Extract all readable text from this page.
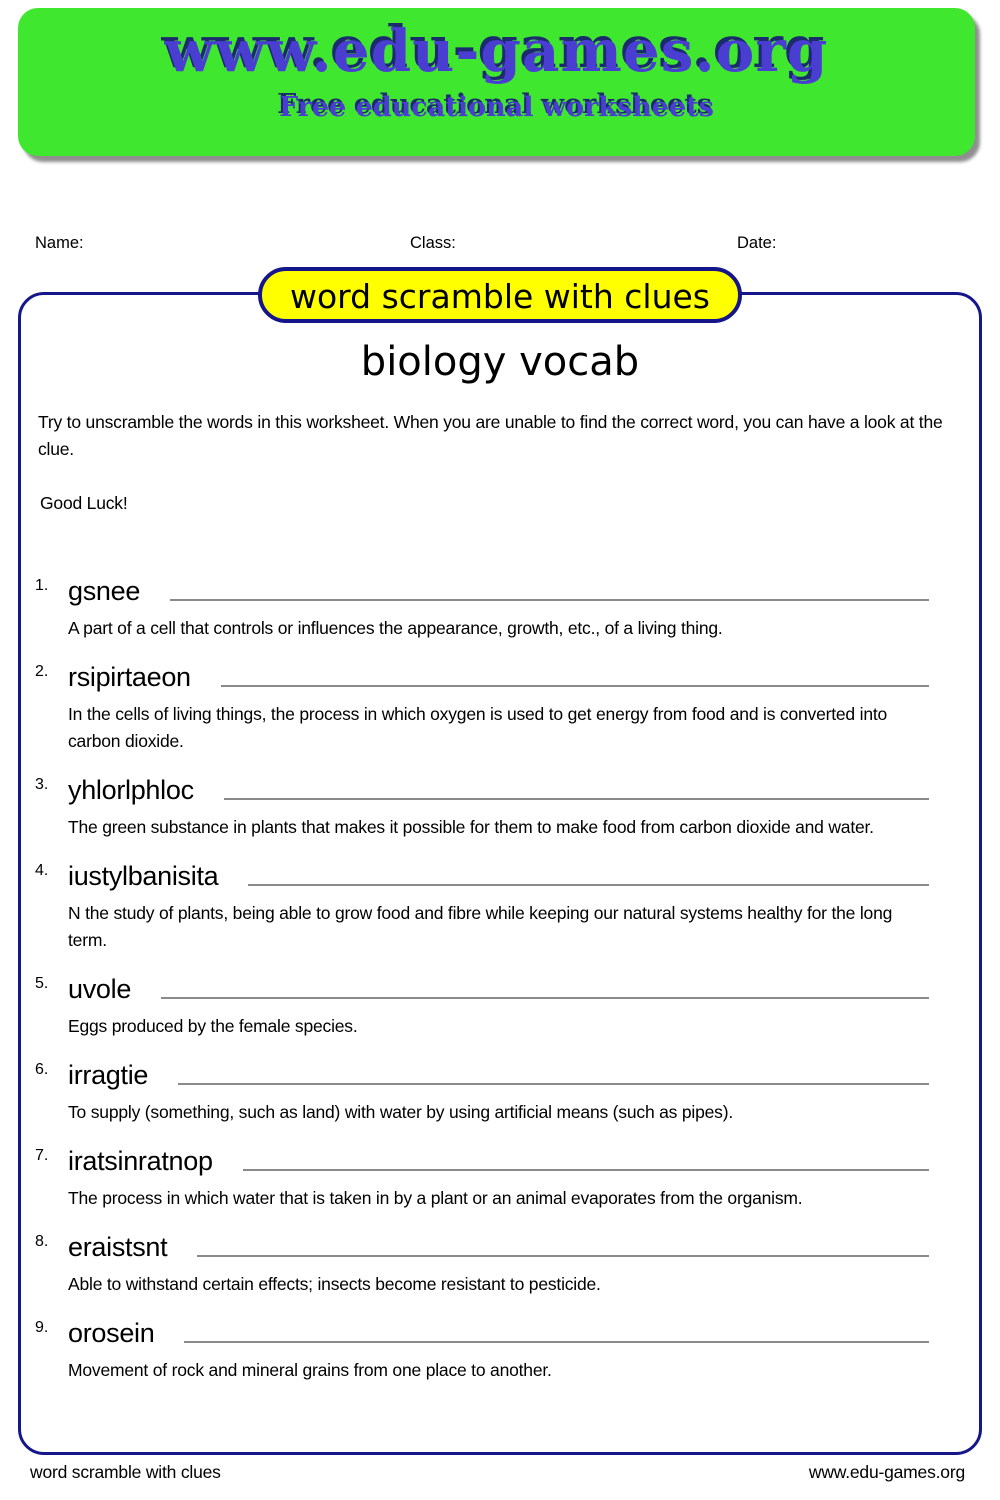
www.edu-games.org
Free educational worksheets
Name:	Class:	Date:
word scramble with clues
biology vocab

Try to unscramble the words in this worksheet. When you are unable to find the correct word, you can have a look at the clue.

Good Luck!

1. gsnee

A part of a cell that controls or influences the appearance, growth, etc., of a living thing.

2. rsipirtaeon

In the cells of living things, the process in which oxygen is used to get energy from food and is converted into carbon dioxide.

3. yhlorlphloc

The green substance in plants that makes it possible for them to make food from carbon dioxide and water.

4. iustylbanisita

N the study of plants, being able to grow food and fibre while keeping our natural systems healthy for the long term.

5. uvole

Eggs produced by the female species.

6. irragtie

To supply (something, such as land) with water by using artificial means (such as pipes).

7. iratsinratnop

The process in which water that is taken in by a plant or an animal evaporates from the organism.

8. eraistsnt

Able to withstand certain effects; insects become resistant to pesticide.

9. orosein

Movement of rock and mineral grains from one place to another.

word scramble with clues	www.edu-games.org
